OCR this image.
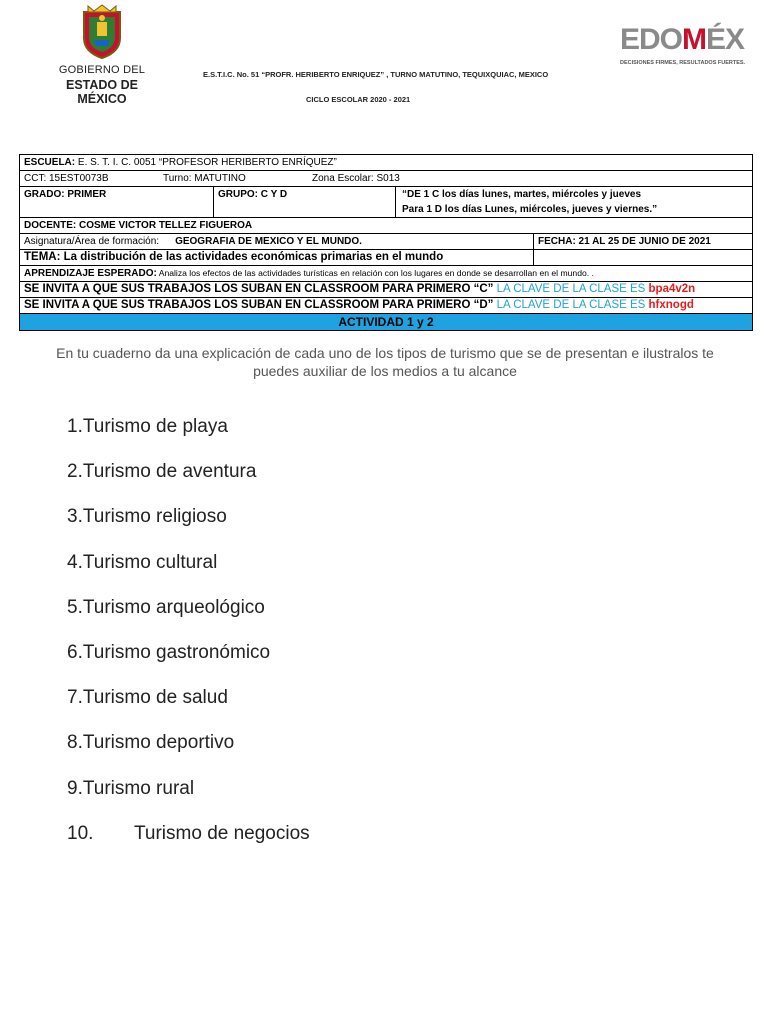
GOBIERNO DEL
ESTADO DE MÉXICO
EDOMÉX
DECISIONES FIRMES, RESULTADOS FUERTES.
E.S.T.I.C. No. 51 “PROFR. HERIBERTO ENRIQUEZ” , TURNO MATUTINO, TEQUIXQUIAC, MEXICO
CICLO ESCOLAR 2020 - 2021
ESCUELA: E. S. T. I. C. 0051 “PROFESOR HERIBERTO ENRÍQUEZ”			
CCT: 15EST0073B Turno: MATUTINO Zona Escolar: S013			

GRADO: PRIMER	GRUPO: C Y D	“DE 1 C los días lunes, martes, miércoles y jueves
Para 1 D los días Lunes, miércoles, jueves y viernes.”	

DOCENTE: COSME VICTOR TELLEZ FIGUEROA			
Asignatura/Área de formación: GEOGRAFIA DE MEXICO Y EL MUNDO.			FECHA: 21 AL 25 DE JUNIO DE 2021
TEMA: La distribución de las actividades económicas primarias en el mundo			
APRENDIZAJE ESPERADO: Analiza los efectos de las actividades turísticas en relación con los lugares en donde se desarrollan en el mundo. .			
SE INVITA A QUE SUS TRABAJOS LOS SUBAN EN CLASSROOM PARA PRIMERO “C” LA CLAVE DE LA CLASE ES bpa4v2n			
SE INVITA A QUE SUS TRABAJOS LOS SUBAN EN CLASSROOM PARA PRIMERO “D” LA CLAVE DE LA CLASE ES hfxnogd			
ACTIVIDAD 1 y 2			
En tu cuaderno da una explicación de cada uno de los tipos de turismo que se de presentan e ilustralos te puedes auxiliar de los medios a tu alcance
1.Turismo de playa
2.Turismo de aventura
3.Turismo religioso
4.Turismo cultural
5.Turismo arqueológico
6.Turismo gastronómico
7.Turismo de salud
8.Turismo deportivo
9.Turismo rural
10. Turismo de negocios
